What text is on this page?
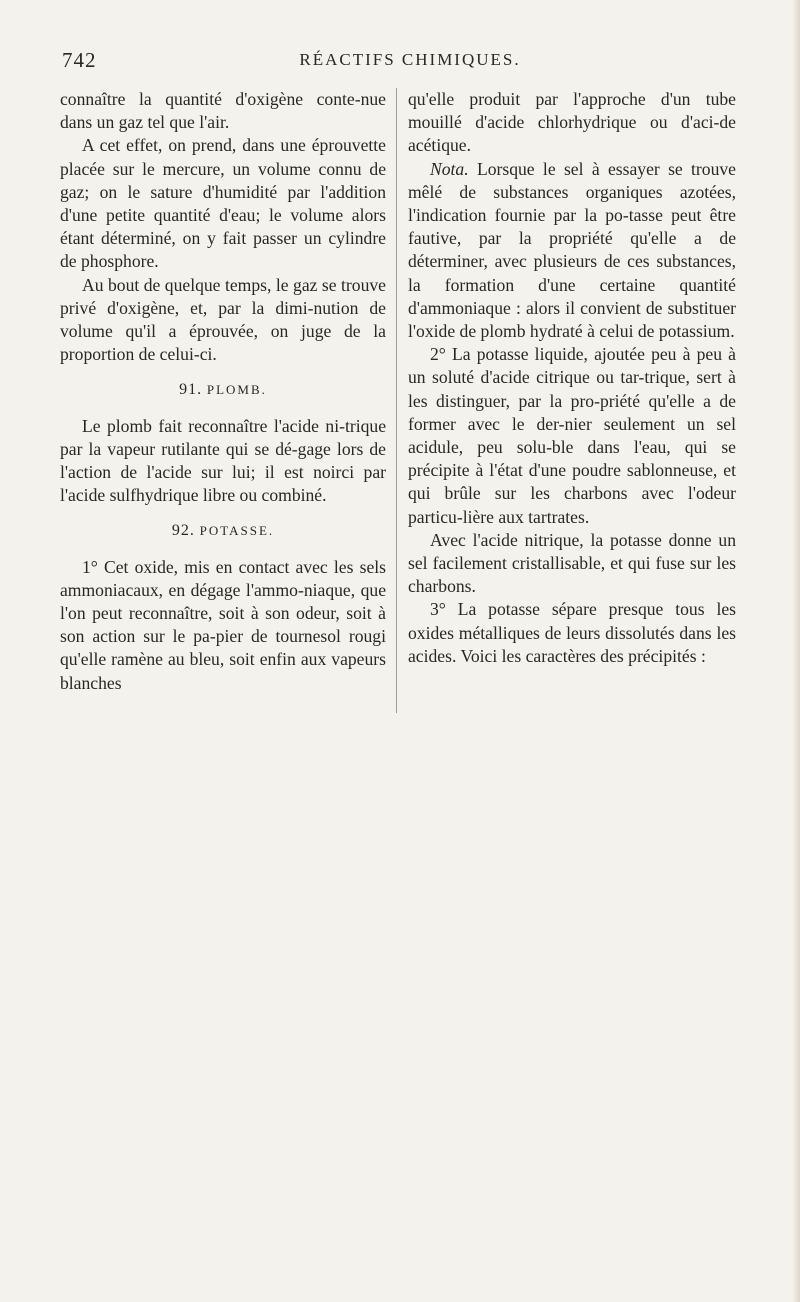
742	RÉACTIFS CHIMIQUES.

connaître la quantité d'oxigène conte-nue dans un gaz tel que l'air.

A cet effet, on prend, dans une éprouvette placée sur le mercure, un volume connu de gaz; on le sature d'humidité par l'addition d'une petite quantité d'eau; le volume alors étant déterminé, on y fait passer un cylindre de phosphore.

Au bout de quelque temps, le gaz se trouve privé d'oxigène, et, par la dimi-nution de volume qu'il a éprouvée, on juge de la proportion de celui-ci.

91. PLOMB.

Le plomb fait reconnaître l'acide ni-trique par la vapeur rutilante qui se dé-gage lors de l'action de l'acide sur lui; il est noirci par l'acide sulfhydrique libre ou combiné.

92. POTASSE.

1° Cet oxide, mis en contact avec les sels ammoniacaux, en dégage l'ammo-niaque, que l'on peut reconnaître, soit à son odeur, soit à son action sur le pa-pier de tournesol rougi qu'elle ramène au bleu, soit enfin aux vapeurs blanches

qu'elle produit par l'approche d'un tube mouillé d'acide chlorhydrique ou d'aci-de acétique.

Nota. Lorsque le sel à essayer se trouve mêlé de substances organiques azotées, l'indication fournie par la po-tasse peut être fautive, par la propriété qu'elle a de déterminer, avec plusieurs de ces substances, la formation d'une certaine quantité d'ammoniaque : alors il convient de substituer l'oxide de plomb hydraté à celui de potassium.

2° La potasse liquide, ajoutée peu à peu à un soluté d'acide citrique ou tar-trique, sert à les distinguer, par la pro-priété qu'elle a de former avec le der-nier seulement un sel acidule, peu solu-ble dans l'eau, qui se précipite à l'état d'une poudre sablonneuse, et qui brûle sur les charbons avec l'odeur particu-lière aux tartrates.

Avec l'acide nitrique, la potasse donne un sel facilement cristallisable, et qui fuse sur les charbons.

3° La potasse sépare presque tous les oxides métalliques de leurs dissolutés dans les acides. Voici les caractères des précipités :
